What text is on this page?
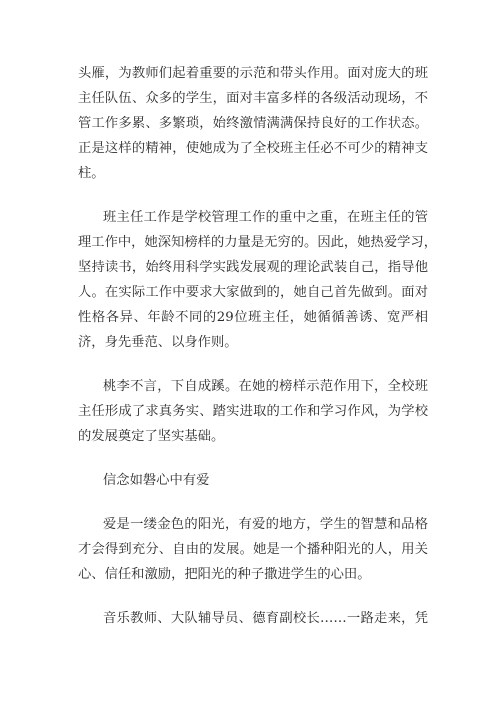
头雁，为教师们起着重要的示范和带头作用。面对庞大的班
主任队伍、众多的学生，面对丰富多样的各级活动现场，不
管工作多累、多繁琐，始终激情满满保持良好的工作状态。
正是这样的精神，使她成为了全校班主任必不可少的精神支
柱。
班主任工作是学校管理工作的重中之重，在班主任的管
理工作中，她深知榜样的力量是无穷的。因此，她热爱学习，
坚持读书，始终用科学实践发展观的理论武装自己，指导他
人。在实际工作中要求大家做到的，她自己首先做到。面对
性格各异、年龄不同的29位班主任，她循循善诱、宽严相
济，身先垂范、以身作则。
桃李不言，下自成蹊。在她的榜样示范作用下，全校班
主任形成了求真务实、踏实进取的工作和学习作风，为学校
的发展奠定了坚实基础。
信念如磐心中有爱
爱是一缕金色的阳光，有爱的地方，学生的智慧和品格
才会得到充分、自由的发展。她是一个播种阳光的人，用关
心、信任和激励，把阳光的种子撒进学生的心田。
音乐教师、大队辅导员、德育副校长……一路走来，凭
